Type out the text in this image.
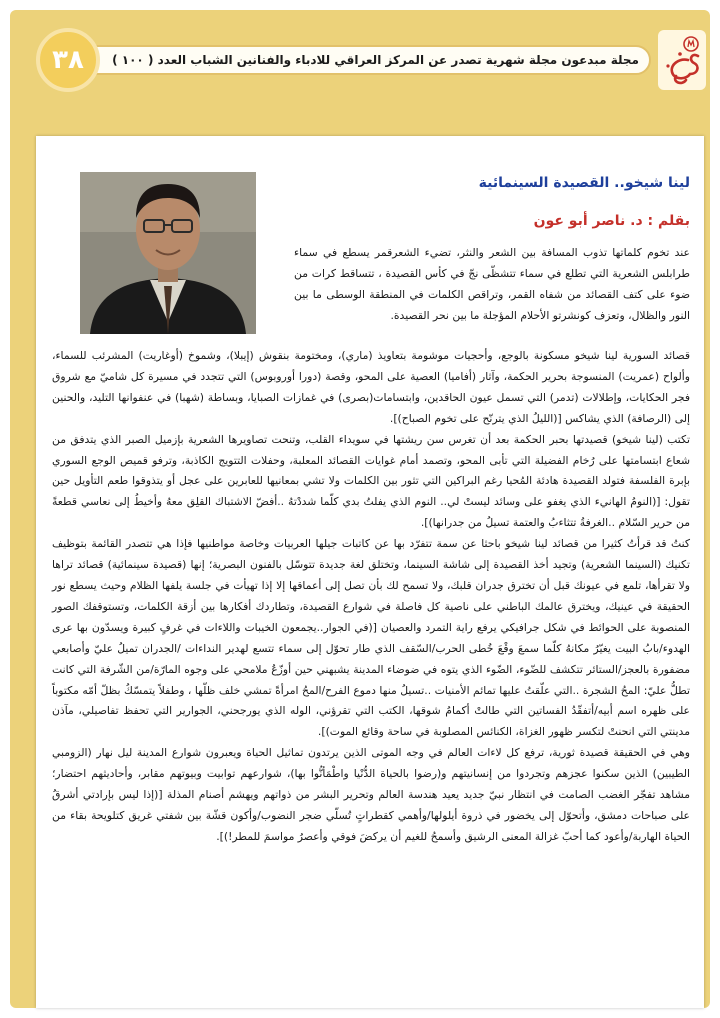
مجلة مبدعون مجلة شهرية تصدر عن المركز العراقي للادباء والفنانين الشباب العدد ( ١٠٠ )
٣٨
لينا شيخو.. القصيدة السينمائية
بقلم : د. ناصر أبو عون
عند تخوم كلماتها تذوب المسافة بين الشعر والنثر، تضيء الشعرقمر يسطع في سماء طرابلس الشعرية التي تطلع في سماء تتشظّى نجّ في كأس القصيدة ، تتساقط كرات من ضوء على كتف القصائد من شفاه القمر، وتراقص الكلمات في المنطقة الوسطى ما بين النور والظلال، وتعزف كونشرتو الأحلام المؤجلة ما بين نحر القصيدة.

قصائد السورية لينا شيخو مسكونة بالوجع، وأحجيات موشومة بتعاويذ (ماري)، ومختومة بنقوش (إيبلا)، وشموخ (أوغاريت) المشرئب للسماء، وألواح (عمريت) المنسوجة بحرير الحكمة، وآثار (أفاميا) العصية على المحو، وقصة (دورا أوروبوس) التي تتجدد في مسيرة كل شاميّ مع شروق فجر الحكايات، وإطلالات (تدمر) التي تسمل عيون الحاقدين، وابتسامات(بصرى) في غمازات الصبايا، وبساطة (شهبا) في عنفوانها التليد، والحنين إلى (الرصافة) الذي يشاكس [(الليلُ الذي يترنّح على تخوم الصباح)].

تكتب (لينا شيخو) قصيدتها بحبر الحكمة بعد أن تغرس سن ريشتها في سويداء القلب، وتنحت تصاويرها الشعرية بإزميل الصبر الذي يتدفق من شعاع ابتسامتها على رُخام الفضيلة التي تأبى المحو، وتصمد أمام غوايات القصائد المعلبة، وحفلات التتويج الكاذبة، وترفو قميص الوجع السوري بإبرة الفلسفة فتولد القصيدة هادئة المُحيا رغم البراكين التي تثور بين الكلمات ولا تشي بمعانيها للعابرين على عجل أو يتذوقوا طعم التأويل حين تقول: [(النومُ الهانيء الذي يغفو على وسائد ليستْ لي.. النوم الذي يفلتُ بدي كلّما شددْتهُ ..أفضّ الاشتباك القلِق معهُ وأخيطُ إلى نعاسي قطعةً من حرير السّلام ..الغرفةُ تتثاءبُ والعتمة تسيلُ من جدرانها)].

كنتُ قد قرأتُ كثيرا من قصائد لينا شيخو باحثا عن سمة تتفرّد بها عن كاتبات جيلها العربيات وخاصة مواطنيها فإذا هي تتصدر القائمة بتوظيف تكنيك (السينما الشعرية) وتجيد أخذ القصيدة إلى شاشة السينما، وتختلق لغة جديدة تتوسّل بالفنون البصرية؛ إنها (قصيدة سينمائية) قصائد تراها ولا تقرأها، تلمع في عيونك قبل أن تخترق جدران قلبك، ولا تسمح لك بأن تصل إلى أعماقها إلا إذا تهيأت في جلسة يلفها الظلام وحيث يسطع نور الحقيقة في عينيك، ويخترق عالمك الباطني على ناصية كل فاصلة في شوارع القصيدة، وتطاردك أفكارها بين أزقة الكلمات، وتستوقفك الصور المنصوبة على الحوائط في شكل جرافيكي يرفع راية التمرد والعصيان [(في الجوار..يجمعون الخيبات واللاءات في غرفٍ كبيرة ويسدّون بها عرى الهدوء/بابُ البيت يغيّرُ مكانهُ كلّما سمعَ وقْعَ خُطى الحرب/السّقف الذي طار تحوّل إلى سماء تتسع لهدير النداءات /الجدران تميلُ عليّ وأصابعي مضفورة بالعجز/الستائر تتكشف للضّوء، الضّوء الذي يتوه في ضوضاء المدينة يشبهني حين أوزّعُ ملامحي على وجوه المارّة/من الشّرفة التي كانت تطلُّ عليّ: المحُ الشجرة ..التي علّقتُ عليها تمائم الأمنيات ..تسيلُ منها دموع الفرح/المحُ امرأةً تمشي خلف ظلّها ، وطفلاً يتمسّكُ بظلّ أمّه مكتوباً على ظهره اسم أبيه/أتفقّدُ الفساتين التي طالتْ أكمامُ شوقها، الكتب التي تقرؤني، الوله الذي يورجحني، الجوارير التي تحفظ تفاصيلي، مآذن مدينتي التي انحنتْ لتكسر ظهور الغزاة، الكنائس المصلوبة في ساحة وقائع الموت)].

وهي في الحقيقة قصيدة ثورية، ترفع كل لاءات العالم في وجه الموتى الذين يرتدون تماثيل الحياة ويعبرون شوارع المدينة ليل نهار (الزومبي الطيبين) الذين سكنوا عجزهم وتجردوا من إنسانيتهم و(رضوا بالحياة الدُّنْيا واطْمَأنُّوا بها)، شوارعهم توابيت وبيوتهم مقابر، وأحاديثهم احتضار؛ مشاهد تفجّر الغضب الصامت في انتظار نبيّ جديد يعيد هندسة العالم وتحرير البشر من ذواتهم ويهشم أصنام المذلة [(إذا ليس بإرادتي أشرقُ على صباحات دمشق، وأتحوّل إلى يخضور في ذروة أيلولها/وأهمي كقطراتٍ تُسلّي ضجر النضوب/وأكون قشّة بين شفتي غريق كتلويحة بقاء من الحياة الهاربة/وأعود كما أحبّ غزالة المعنى الرشيق وأسمحُ للغيم أن يركضَ فوقي وأعصرُ مواسمَ للمطر!)].
